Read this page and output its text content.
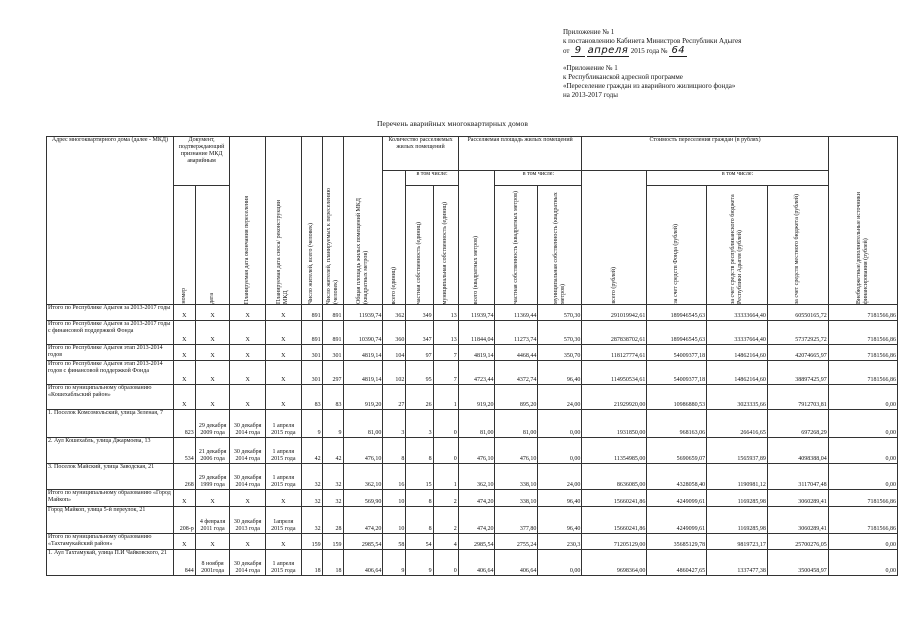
Приложение № 1
к постановлению Кабинета Министров Республики Адыгея
от 9 апреля 2015 года № 64
«Приложение № 1
к Республиканской адресной программе
«Переселение граждан из аварийного жилищного фонда»
на 2013-2017 годы
Перечень аварийных многоквартирных домов
Адрес многоквартирного дома (далее - МКД)	Документ, подтверждающий признание МКД аварийным		Планируемая дата окончания переселения	Планируемая дата сноса/ реконструкции МКД	Число жителей, всего (человек)	Число жителей, планируемых к переселению (человек)	Общая площадь жилых помещений МКД (квадратных метров)	Количество расселяемых жилых помещений			Расселяемая площадь жилых помещений			Стоимость переселения граждан (в рублях)				Внебюджетные/дополнительные источники финансирования (рублей)

								всего (единиц)	в том числе:		всего (квадратных метров)	в том числе:		всего (рублей)	в том числе:			

	номер	дата							частная собственность (единиц)	муниципальная собственность (единиц)		частная собственность (квадратных метров)	муниципальная собственность (квадратных метров)		за счет средств Фонда (рублей)	за счет средств республиканского бюджета Республики Адыгея (рублей)	за счет средств местного бюджета (рублей)	

Итого по Республике Адыгея за 2013-2017 годы	X	X	X	X	891	891	11939,74	362	349	13	11939,74	11369,44	570,30	291019942,61	189946545,63	33333664,40	60550165,72	7181566,86
Итого по Республике Адыгея за 2013-2017 годы с финансовой поддержкой Фонда	X	X	X	X	891	891	10390,74	360	347	13	11844,04	11273,74	570,30	287838702,61	189946545,63	33337664,40	57372925,72	7181566,86
Итого по Республике Адыгея этап 2013-2014 годов	X	X	X	X	301	301	4819,14	104	97	7	4819,14	4468,44	350,70	118127774,61	54009377,18	14862164,60	42074665,97	7181566,86
Итого по Республике Адыгея этап 2013-2014 годов с финансовой поддержкой Фонда	X	X	X	X	301	297	4819,14	102	95	7	4723,44	4372,74	96,40	114950534,61	54009377,18	14862164,60	38897425,97	7181566,86
Итого по муниципальному образованию «Кошехабльский район»	X	X	X	X	83	83	919,20	27	26	1	919,20	895,20	24,00	21929920,00	10986880,53	3023335,66	7912703,81	0,00
1. Поселок Комсомольский, улица Зеленая, 7	823	29 декабря 2009 года	30 декабря 2014 года	1 апреля 2015 года	9	9	81,00	3	3	0	81,00	81,00	0,00	1931850,00	968163,06	266416,65	697268,29	0,00
2. Аул Кошехабль, улица Джармоева, 13	534	21 декабря 2006 года	30 декабря 2014 года	1 апреля 2015 года	42	42	476,10	8	8	0	476,10	476,10	0,00	11354985,00	5690659,07	1565937,89	4098388,04	0,00
3. Поселок Майский, улица Заводская, 21	268	29 декабря 1999 года	30 декабря 2014 года	1 апреля 2015 года	32	32	362,10	16	15	1	362,10	338,10	24,00	8636085,00	4328058,40	1190981,12	3117047,48	0,00
Итого по муниципальному образованию «Город Майкоп»	X	X	X	X	32	32	569,90	10	8	2	474,20	338,10	96,40	15660241,86	4249099,61	1169285,98	3060289,41	7181566,86
Город Майкоп, улица 5-й переулок, 21	208-р	4 февраля 2011 года	30 декабря 2013 года	1апреля 2015 года	32	28	474,20	10	8	2	474,20	377,80	96,40	15660241,86	4249099,61	1169285,98	3060289,41	7181566,86
Итого по муниципальному образованию «Тахтамукайский район»	X	X	X	X	159	159	2985,54	58	54	4	2985,54	2755,24	230,3	71205129,00	35685129,78	9819723,17	25700276,05	0,00
1. Аул Тахтамукай, улица П.И Чайковского, 21	844	8 ноября 2001года	30 декабря 2014 года	1 апреля 2015 года	18	18	406,64	9	9	0	406,64	406,64	0,00	9698364,00	4860427,65	1337477,38	3500458,97	0,00
